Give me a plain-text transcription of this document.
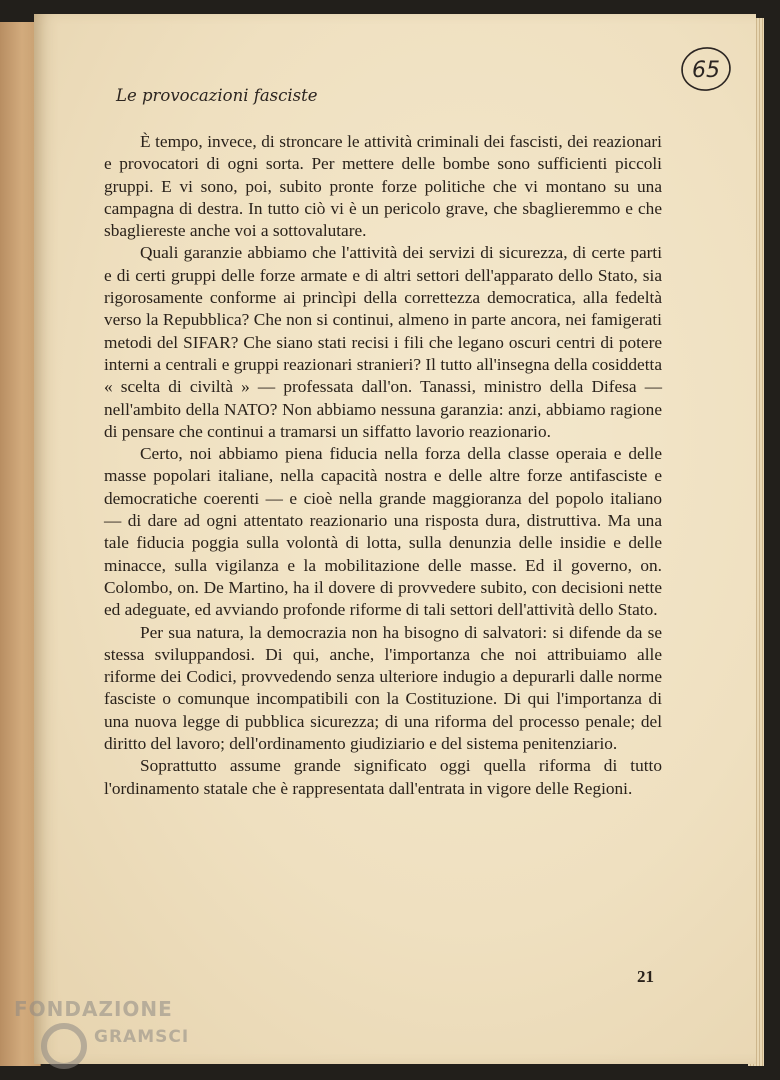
Le provocazioni fasciste
65

È tempo, invece, di stroncare le attività criminali dei fascisti, dei reazionari e provocatori di ogni sorta. Per mettere delle bombe sono sufficienti piccoli gruppi. E vi sono, poi, subito pronte forze politiche che vi montano su una campagna di destra. In tutto ciò vi è un pericolo grave, che sbaglieremmo e che sbagliereste anche voi a sottovalutare.

Quali garanzie abbiamo che l'attività dei servizi di sicurezza, di certe parti e di certi gruppi delle forze armate e di altri settori dell'apparato dello Stato, sia rigorosamente conforme ai princìpi della correttezza democratica, alla fedeltà verso la Repubblica? Che non si continui, almeno in parte ancora, nei famigerati metodi del SIFAR? Che siano stati recisi i fili che legano oscuri centri di potere interni a centrali e gruppi reazionari stranieri? Il tutto all'insegna della cosiddetta « scelta di civiltà » — professata dall'on. Tanassi, ministro della Difesa — nell'ambito della NATO? Non abbiamo nessuna garanzia: anzi, abbiamo ragione di pensare che continui a tramarsi un siffatto lavorio reazionario.

Certo, noi abbiamo piena fiducia nella forza della classe operaia e delle masse popolari italiane, nella capacità nostra e delle altre forze antifasciste e democratiche coerenti — e cioè nella grande maggioranza del popolo italiano — di dare ad ogni attentato reazionario una risposta dura, distruttiva. Ma una tale fiducia poggia sulla volontà di lotta, sulla denunzia delle insidie e delle minacce, sulla vigilanza e la mobilitazione delle masse. Ed il governo, on. Colombo, on. De Martino, ha il dovere di provvedere subito, con decisioni nette ed adeguate, ed avviando profonde riforme di tali settori dell'attività dello Stato.

Per sua natura, la democrazia non ha bisogno di salvatori: si difende da se stessa sviluppandosi. Di qui, anche, l'importanza che noi attribuiamo alle riforme dei Codici, provvedendo senza ulteriore indugio a depurarli dalle norme fasciste o comunque incompatibili con la Costituzione. Di qui l'importanza di una nuova legge di pubblica sicurezza; di una riforma del processo penale; del diritto del lavoro; dell'ordinamento giudiziario e del sistema penitenziario.

Soprattutto assume grande significato oggi quella riforma di tutto l'ordinamento statale che è rappresentata dall'entrata in vigore delle Regioni.

21
FONDAZIONE
GRAMSCI
